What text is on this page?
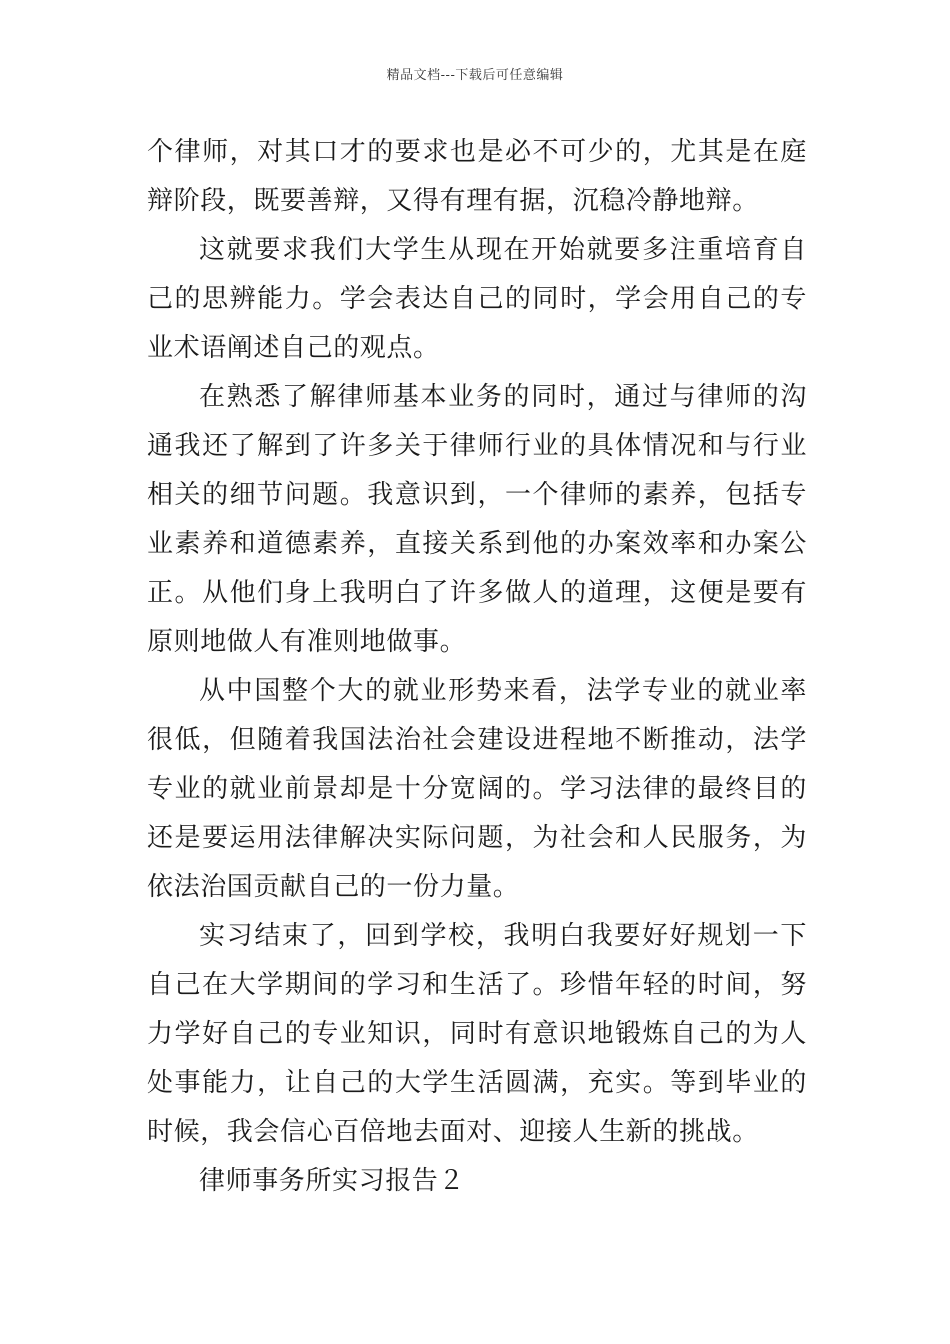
精品文档---下载后可任意编辑

个律师，对其口才的要求也是必不可少的，尤其是在庭辩阶段，既要善辩，又得有理有据，沉稳冷静地辩。

这就要求我们大学生从现在开始就要多注重培育自己的思辨能力。学会表达自己的同时，学会用自己的专业术语阐述自己的观点。

在熟悉了解律师基本业务的同时，通过与律师的沟通我还了解到了许多关于律师行业的具体情况和与行业相关的细节问题。我意识到，一个律师的素养，包括专业素养和道德素养，直接关系到他的办案效率和办案公正。从他们身上我明白了许多做人的道理，这便是要有原则地做人有准则地做事。

从中国整个大的就业形势来看，法学专业的就业率很低，但随着我国法治社会建设进程地不断推动，法学专业的就业前景却是十分宽阔的。学习法律的最终目的还是要运用法律解决实际问题，为社会和人民服务，为依法治国贡献自己的一份力量。

实习结束了，回到学校，我明白我要好好规划一下自己在大学期间的学习和生活了。珍惜年轻的时间，努力学好自己的专业知识，同时有意识地锻炼自己的为人处事能力，让自己的大学生活圆满，充实。等到毕业的时候，我会信心百倍地去面对、迎接人生新的挑战。

律师事务所实习报告２
